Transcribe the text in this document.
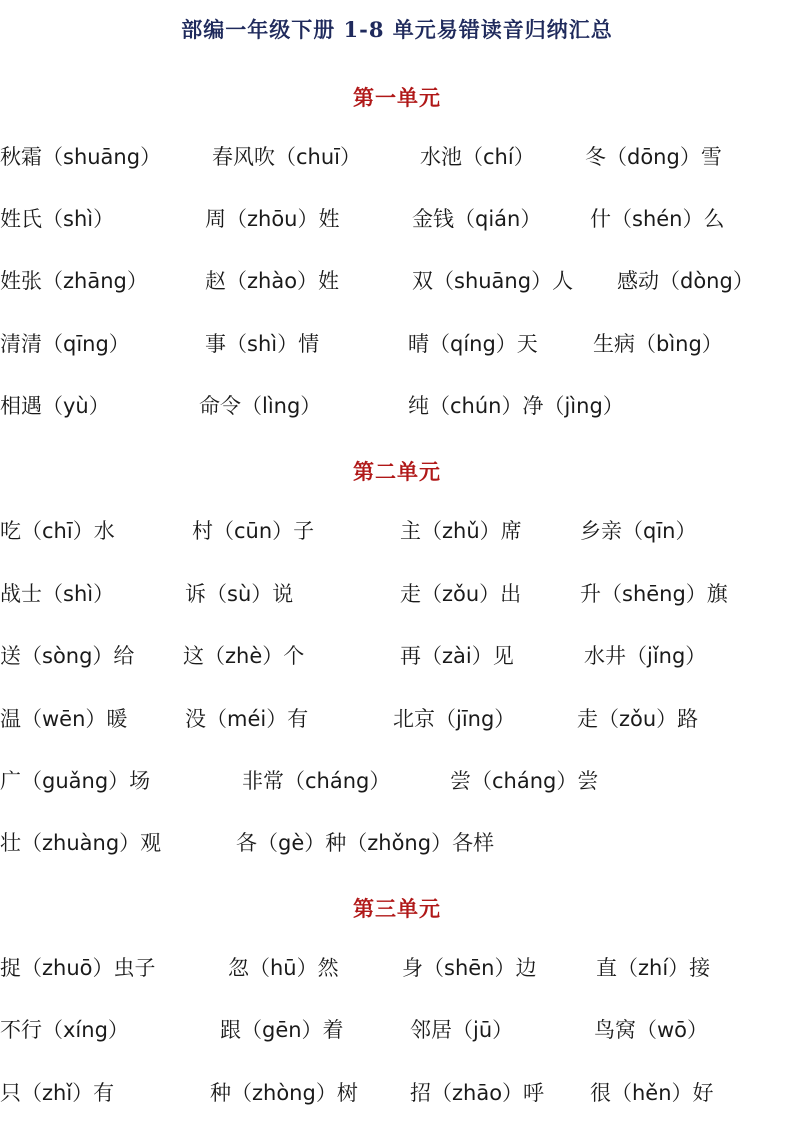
部编一年级下册 1-8 单元易错读音归纳汇总
第一单元
秋霜（shuāng） 春风吹（chuī）	水池（chí） 冬（dōng）雪
姓氏（shì）	周（zhōu）姓	金钱（qián） 什（shén）么
姓张（zhāng）	赵（zhào）姓	双（shuāng）人 感动（dòng）
清清（qīng）	事（shì）情	晴（qíng）天	生病（bìng）
相遇（yù）	命令（lìng）	纯（chún）净（jìng）
第二单元
吃（chī）水	村（cūn）子	主（zhǔ）席	乡亲（qīn）
战士（shì）	诉（sù）说	走（zǒu）出	升（shēng）旗
送（sòng）给 这（zhè）个	再（zài）见	水井（jǐng）
温（wēn）暖	没（méi）有	北京（jīng）	走（zǒu）路
广（guǎng）场	非常（cháng）	尝（cháng）尝
壮（zhuàng）观	各（gè）种（zhǒng）各样
第三单元
捉（zhuō）虫子	忽（hū）然	身（shēn）边	直（zhí）接
不行（xíng）	跟（gēn）着	邻居（jū）	鸟窝（wō）
只（zhǐ）有	种（zhòng）树 招（zhāo）呼 很（hěn）好
